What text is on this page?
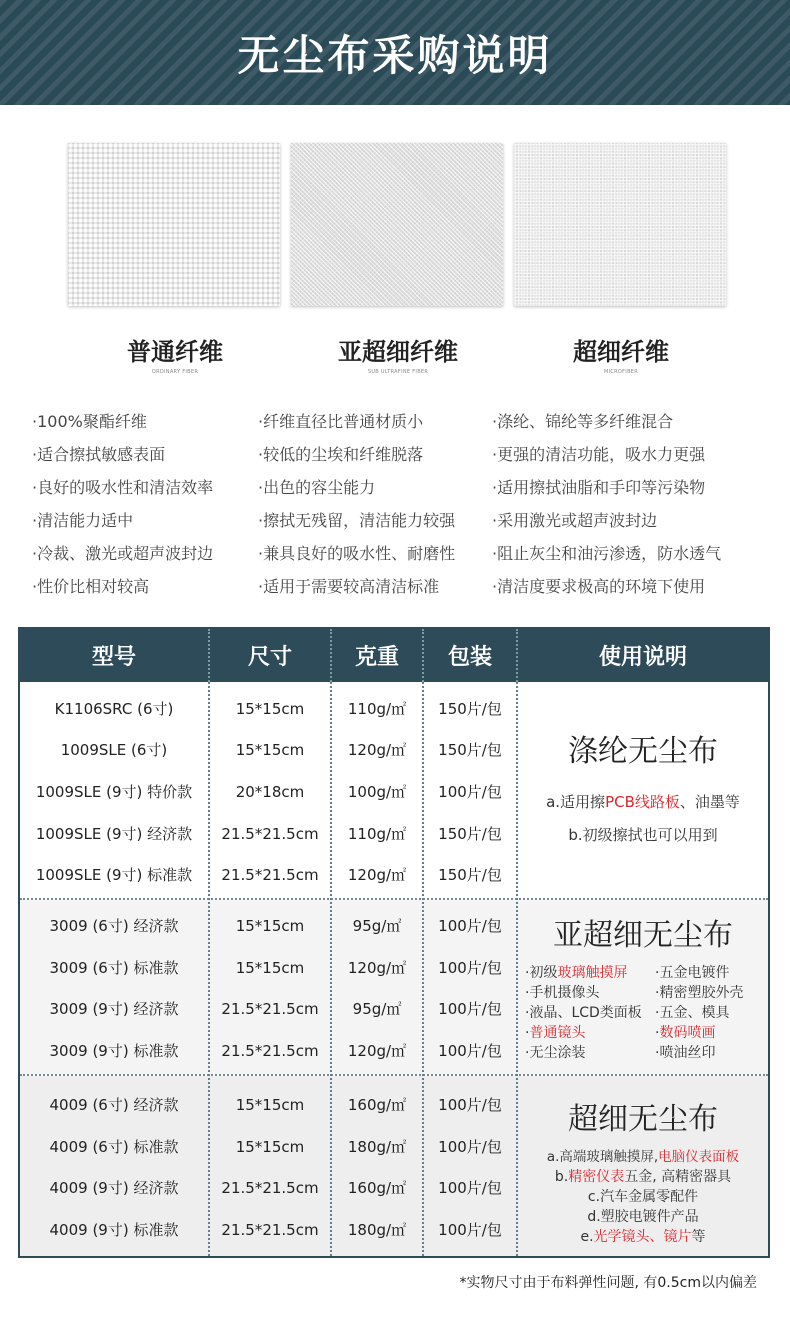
无尘布采购说明
普通纤维
ORDINARY FIBER
亚超细纤维
SUB ULTRAFINE FIBER
超细纤维
MICROFIBER
·100%聚酯纤维
·适合擦拭敏感表面
·良好的吸水性和清洁效率
·清洁能力适中
·冷裁、激光或超声波封边
·性价比相对较高
·纤维直径比普通材质小
·较低的尘埃和纤维脱落
·出色的容尘能力
·擦拭无残留，清洁能力较强
·兼具良好的吸水性、耐磨性
·适用于需要较高清洁标准
·涤纶、锦纶等多纤维混合
·更强的清洁功能，吸水力更强
·适用擦拭油脂和手印等污染物
·采用激光或超声波封边
·阻止灰尘和油污渗透，防水透气
·清洁度要求极高的环境下使用
型号	尺寸	克重	包装	使用说明
K1106SRC (6寸)	15*15cm	110g/㎡	150片/包
1009SLE (6寸)	15*15cm	120g/㎡	150片/包
1009SLE (9寸) 特价款	20*18cm	100g/㎡	100片/包
1009SLE (9寸) 经济款	21.5*21.5cm	110g/㎡	150片/包
1009SLE (9寸) 标准款	21.5*21.5cm	120g/㎡	150片/包
涤纶无尘布
a.适用擦PCB线路板、油墨等
b.初级擦拭也可以用到
3009 (6寸) 经济款	15*15cm	95g/㎡	100片/包
3009 (6寸) 标准款	15*15cm	120g/㎡	100片/包
3009 (9寸) 经济款	21.5*21.5cm	95g/㎡	100片/包
3009 (9寸) 标准款	21.5*21.5cm	120g/㎡	100片/包
亚超细无尘布
·初级玻璃触摸屏 ·五金电镀件
·手机摄像头	·精密塑胶外壳
·液晶、LCD类面板 ·五金、模具
·普通镜头	·数码喷画
·无尘涂装	·喷油丝印
4009 (6寸) 经济款	15*15cm	160g/㎡	100片/包
4009 (6寸) 标准款	15*15cm	180g/㎡	100片/包
4009 (9寸) 经济款	21.5*21.5cm	160g/㎡	100片/包
4009 (9寸) 标准款	21.5*21.5cm	180g/㎡	100片/包
超细无尘布
a.高端玻璃触摸屏,电脑仪表面板
b.精密仪表五金, 高精密器具
c.汽车金属零配件
d.塑胶电镀件产品
e.光学镜头、镜片等
*实物尺寸由于布料弹性问题, 有0.5cm以内偏差
